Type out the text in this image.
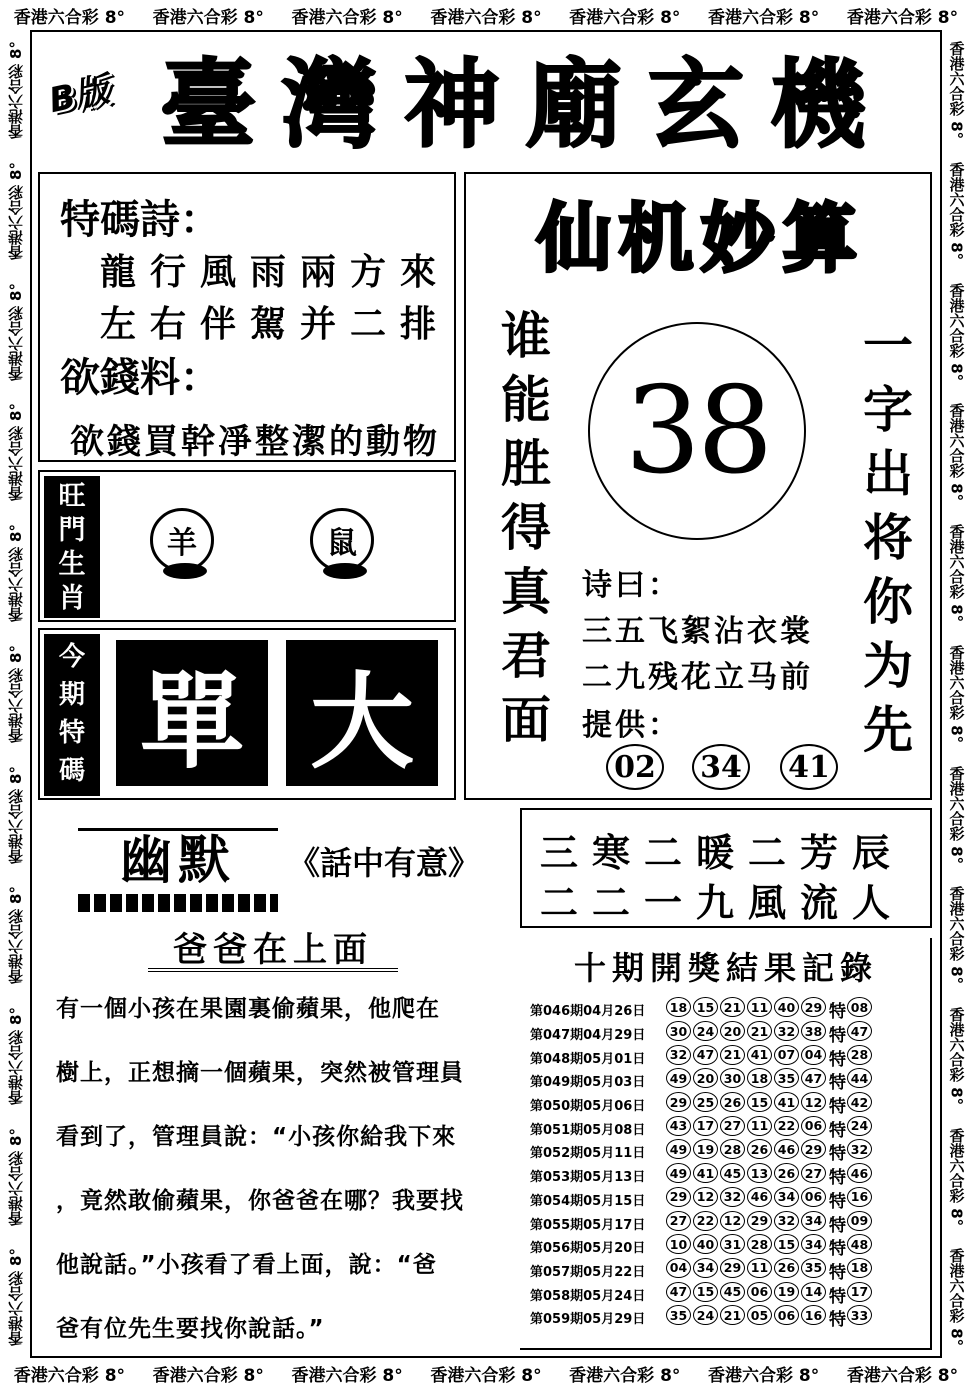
香港六合彩 8° 香港六合彩 8° 香港六合彩 8° 香港六合彩 8° 香港六合彩 8° 香港六合彩 8° 香港六合彩 8°
香港六合彩 8° 香港六合彩 8° 香港六合彩 8° 香港六合彩 8° 香港六合彩 8° 香港六合彩 8° 香港六合彩 8°
香港六合彩 8°
香港六合彩 8°
香港六合彩 8°
香港六合彩 8°
香港六合彩 8°
香港六合彩 8°
香港六合彩 8°
香港六合彩 8°
香港六合彩 8°
香港六合彩 8°
香港六合彩 8°
香港六合彩 8°
香港六合彩 8°
香港六合彩 8°
香港六合彩 8°
香港六合彩 8°
香港六合彩 8°
香港六合彩 8°
香港六合彩 8°
香港六合彩 8°
香港六合彩 8°
香港六合彩 8°
B版 臺灣神廟玄機
特碼詩：
龍行風雨兩方來
左右伴駕并二排
欲錢料：
欲錢買幹凈整潔的動物
旺
門
生
肖
羊	鼠
今
期
特
碼 單 大
仙机妙算
谁
能
胜
得
真
君
面
一
字
出
将
你
为
先
38
诗曰：
三五飞絮沾衣裳
二九残花立马前
提供：
02 34 41
幽默	《話中有意》
爸爸在上面
有一個小孩在果園裏偷蘋果，他爬在
樹上，正想摘一個蘋果，突然被管理員
看到了，管理員說：“小孩你給我下來
，竟然敢偷蘋果，你爸爸在哪？我要找
他說話。”小孩看了看上面，說：“爸
爸有位先生要找你說話。”
三寒二暖二芳辰
二二一九風流人
十期開獎結果記錄
第046期04月26日	18 15 21 11 40 29 特 08
第047期04月29日	30 24 20 21 32 38 特 47
第048期05月01日	32 47 21 41 07 04 特 28
第049期05月03日	49 20 30 18 35 47 特 44
第050期05月06日	29 25 26 15 41 12 特 42
第051期05月08日	43 17 27 11 22 06 特 24
第052期05月11日	49 19 28 26 46 29 特 32
第053期05月13日	49 41 45 13 26 27 特 46
第054期05月15日	29 12 32 46 34 06 特 16
第055期05月17日	27 22 12 29 32 34 特 09
第056期05月20日	10 40 31 28 15 34 特 48
第057期05月22日	04 34 29 11 26 35 特 18
第058期05月24日	47 15 45 06 19 14 特 17
第059期05月29日	35 24 21 05 06 16 特 33
